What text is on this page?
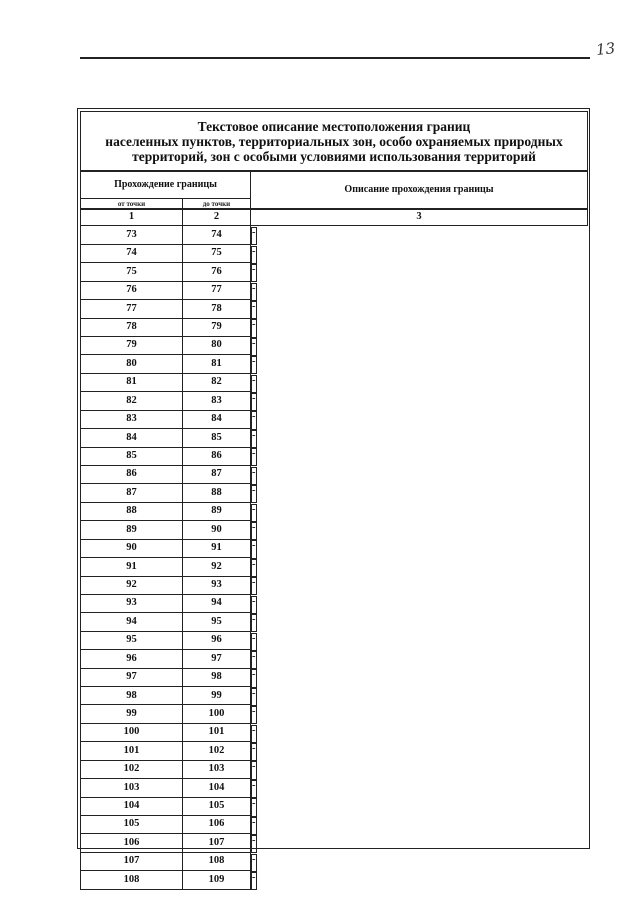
13
Текстовое описание местоположения границ
населенных пунктов, территориальных зон, особо охраняемых природных
территорий, зон с особыми условиями использования территорий		

Прохождение границы		Описание прохождения границы
от точки	до точки	
1	2	3
73	74		-
74	75		-
75	76		-
76	77		-
77	78		-
78	79		-
79	80		-
80	81		-
81	82		-
82	83		-
83	84		-
84	85		-
85	86		-
86	87		-
87	88		-
88	89		-
89	90		-
90	91		-
91	92		-
92	93		-
93	94		-
94	95		-
95	96		-
96	97		-
97	98		-
98	99		-
99	100		-
100	101		-
101	102		-
102	103		-
103	104		-
104	105		-
105	106		-
106	107		-
107	108		-
108	109		-
